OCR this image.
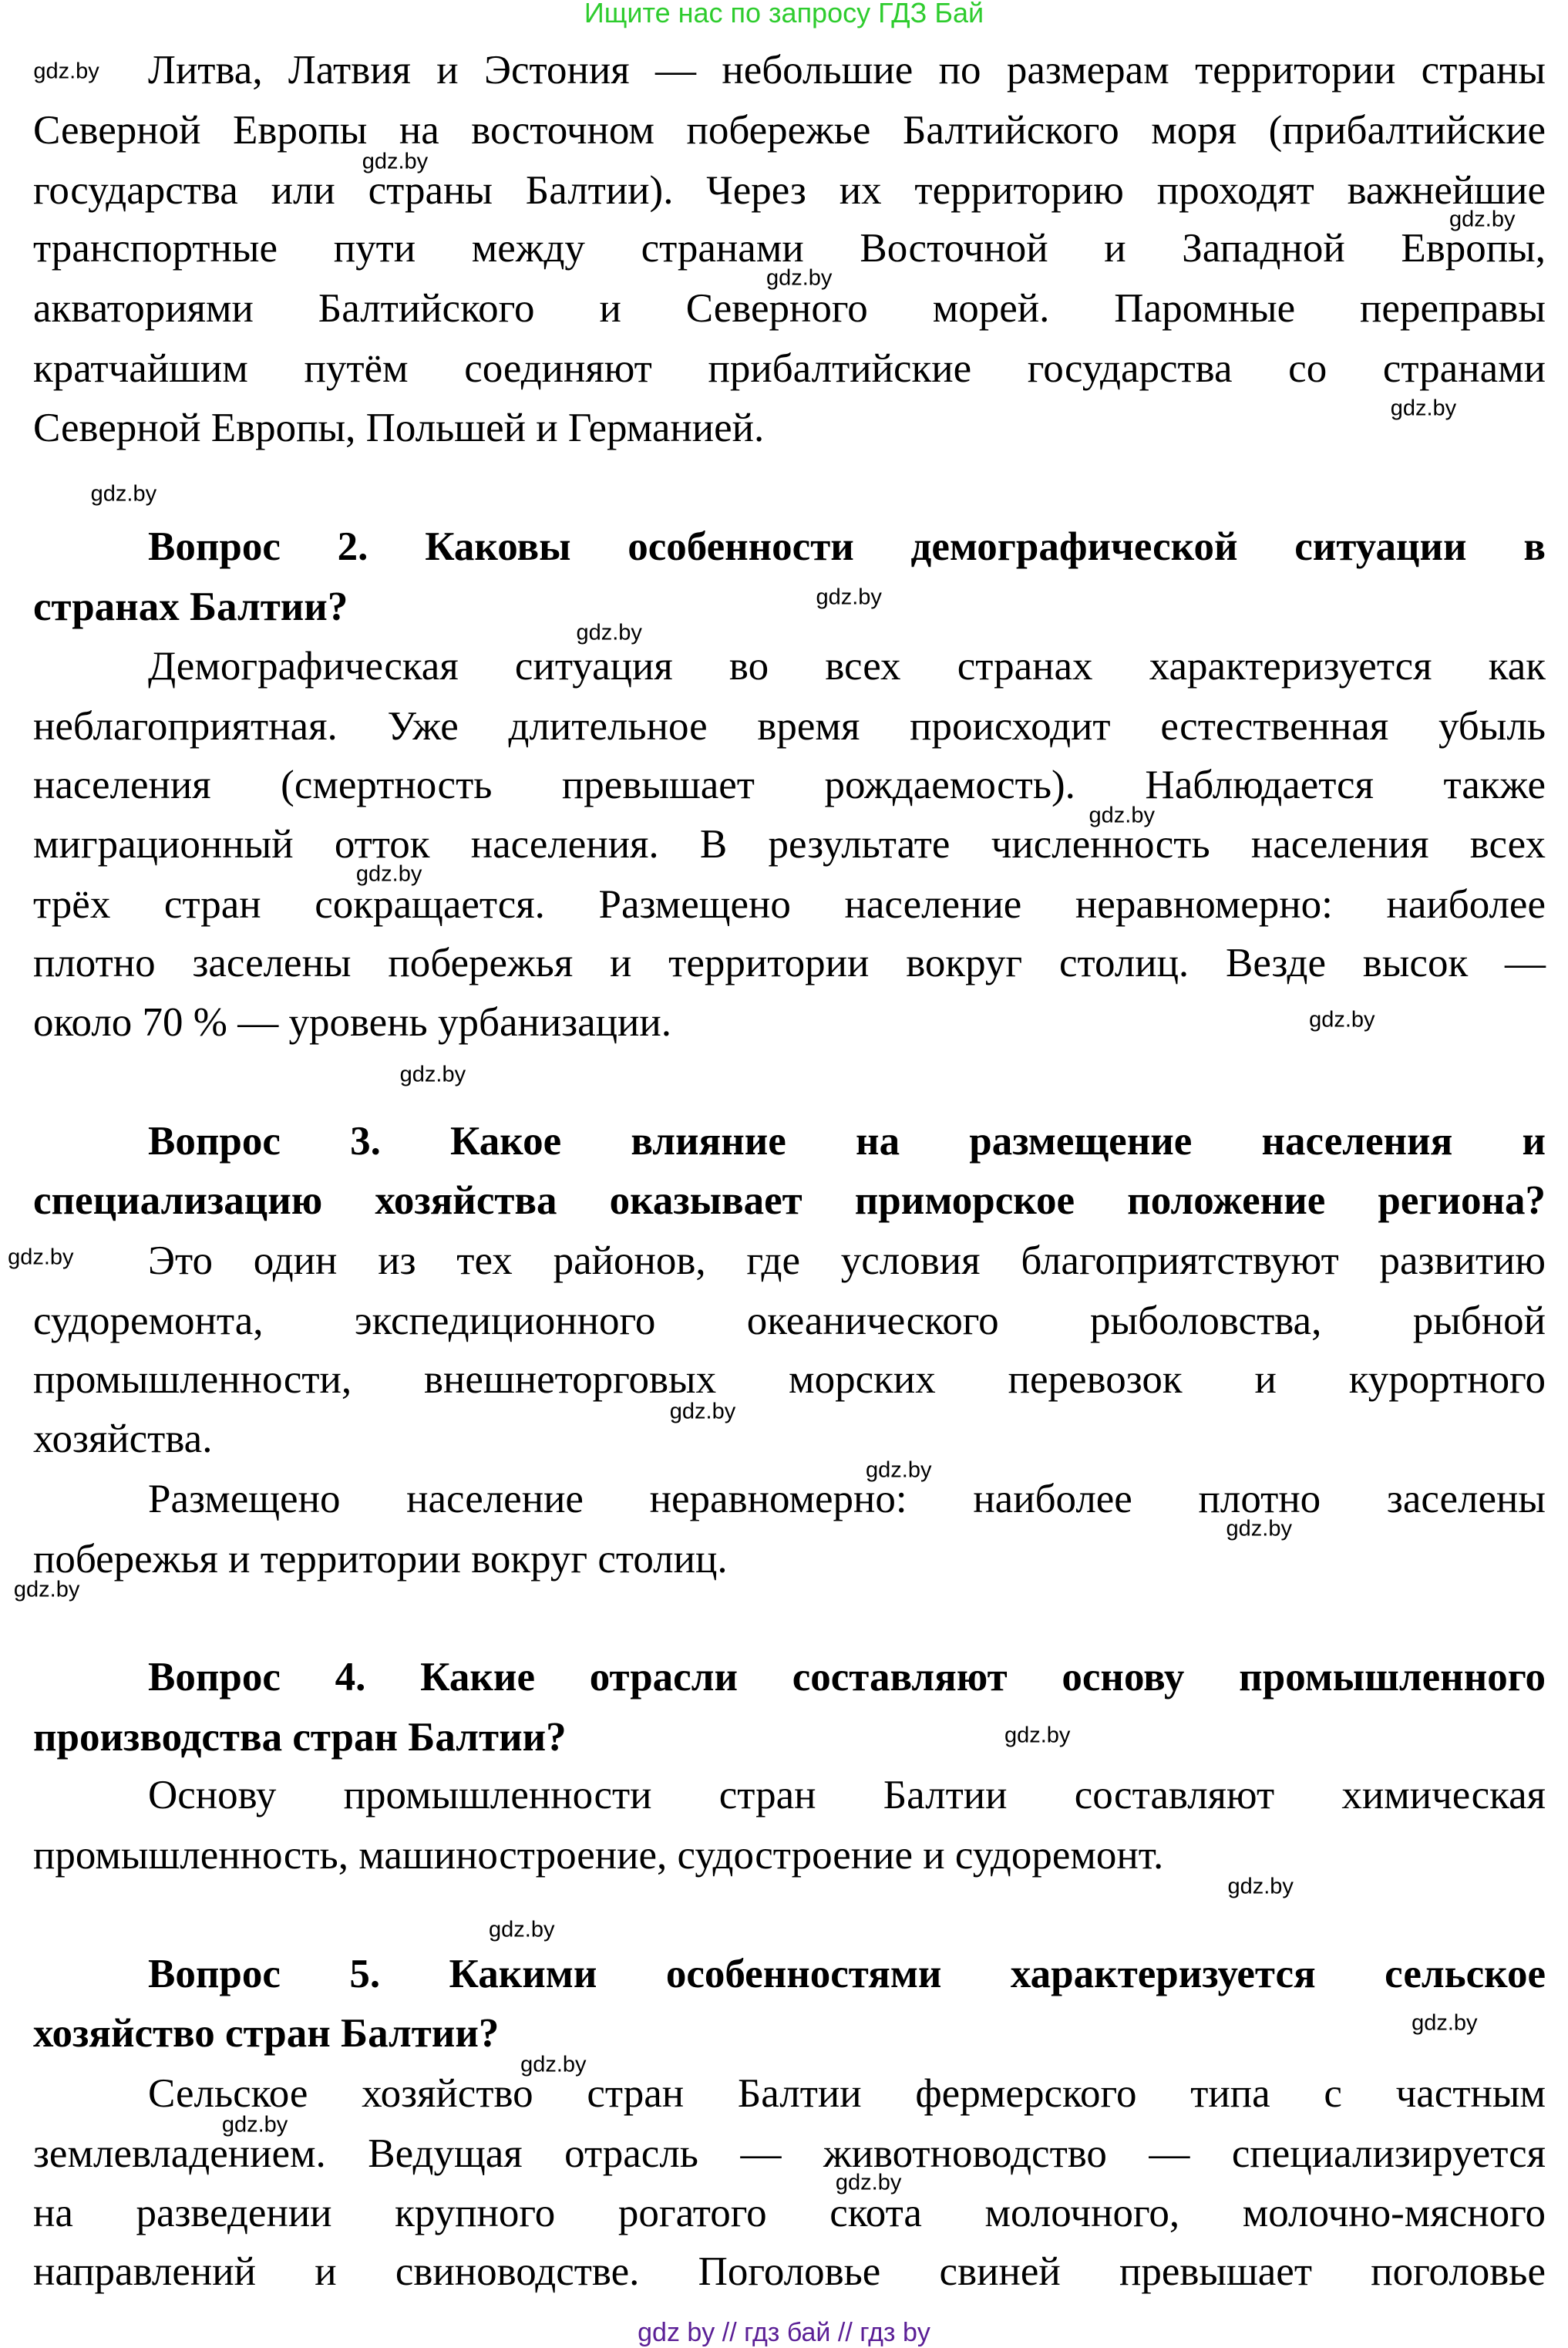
Ищите нас по запросу ГДЗ Бай
Литва, Латвия и Эстония — небольшие по размерам территории страны
Северной Европы на восточном побережье Балтийского моря (прибалтийские
государства или страны Балтии). Через их территорию проходят важнейшие
транспортные пути между странами Восточной и Западной Европы,
акваториями Балтийского и Северного морей. Паромные переправы
кратчайшим путём соединяют прибалтийские государства со странами
Северной Европы, Польшей и Германией.
Вопрос 2. Каковы особенности демографической ситуации в
странах Балтии?
Демографическая ситуация во всех странах характеризуется как
неблагоприятная. Уже длительное время происходит естественная убыль
населения (смертность превышает рождаемость). Наблюдается также
миграционный отток населения. В результате численность населения всех
трёх стран сокращается. Размещено население неравномерно: наиболее
плотно заселены побережья и территории вокруг столиц. Везде высок —
около 70 % — уровень урбанизации.
Вопрос 3. Какое влияние на размещение населения и
специализацию хозяйства оказывает приморское положение региона?
Это один из тех районов, где условия благоприятствуют развитию
судоремонта, экспедиционного океанического рыболовства, рыбной
промышленности, внешнеторговых морских перевозок и курортного
хозяйства.
Размещено население неравномерно: наиболее плотно заселены
побережья и территории вокруг столиц.
Вопрос 4. Какие отрасли составляют основу промышленного
производства стран Балтии?
Основу промышленности стран Балтии составляют химическая
промышленность, машиностроение, судостроение и судоремонт.
Вопрос 5. Какими особенностями характеризуется сельское
хозяйство стран Балтии?
Сельское хозяйство стран Балтии фермерского типа с частным
землевладением. Ведущая отрасль — животноводство — специализируется
на разведении крупного рогатого скота молочного, молочно-мясного
направлений и свиноводстве. Поголовье свиней превышает поголовье
gdz.by
gdz.by
gdz.by
gdz.by
gdz.by
gdz.by
gdz.by
gdz.by
gdz.by
gdz.by
gdz.by
gdz.by
gdz.by
gdz.by
gdz.by
gdz.by
gdz.by
gdz.by
gdz.by
gdz.by
gdz.by
gdz.by
gdz.by
gdz.by
gdz by // гдз бай // гдз by
